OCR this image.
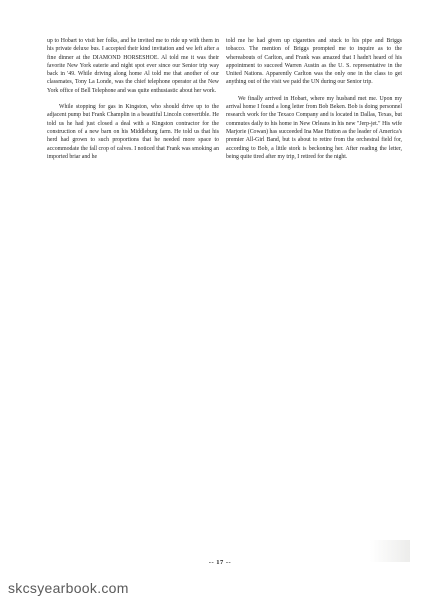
up to Hobart to visit her folks, and he invited me to ride up with them in his private deluxe bus. I accepted their kind invitation and we left after a fine dinner at the DIAMOND HORSESHOE. Al told me it was their favorite New York eaterie and night spot ever since our Senior trip way back in '49. While driving along home Al told me that another of our classmates, Tony La Londe, was the chief telephone operator at the New York office of Bell Telephone and was quite enthusiastic about her work.

While stopping for gas in Kingston, who should drive up to the adjacent pump but Frank Champlin in a beautiful Lincoln convertible. He told us he had just closed a deal with a Kingston contractor for the construction of a new barn on his Middleburg farm. He told us that his herd had grown to such proportions that he needed more space to accommodate the fall crop of calves. I noticed that Frank was smoking an imported briar and he

told me he had given up cigarettes and stuck to his pipe and Briggs tobacco. The mention of Briggs prompted me to inquire as to the whereabouts of Carlton, and Frank was amazed that I hadn't heard of his appointment to succeed Warren Austin as the U. S. representative in the United Nations. Apparently Carlton was the only one in the class to get anything out of the visit we paid the UN during our Senior trip.

We finally arrived in Hobart, where my husband met me. Upon my arrival home I found a long letter from Bob Beken. Bob is doing personnel research work for the Texaco Company and is located in Dallas, Texas, but commutes daily to his home in New Orleans in his new "Jerp-jet." His wife Marjorie (Cowan) has succeeded Ina Mae Hutton as the leader of America's premier All-Girl Band, but is about to retire from the orchestral field for, according to Bob, a little stork is beckoning her. After reading the letter, being quite tired after my trip, I retired for the night.

-- 17 --
skcsyearbook.com
